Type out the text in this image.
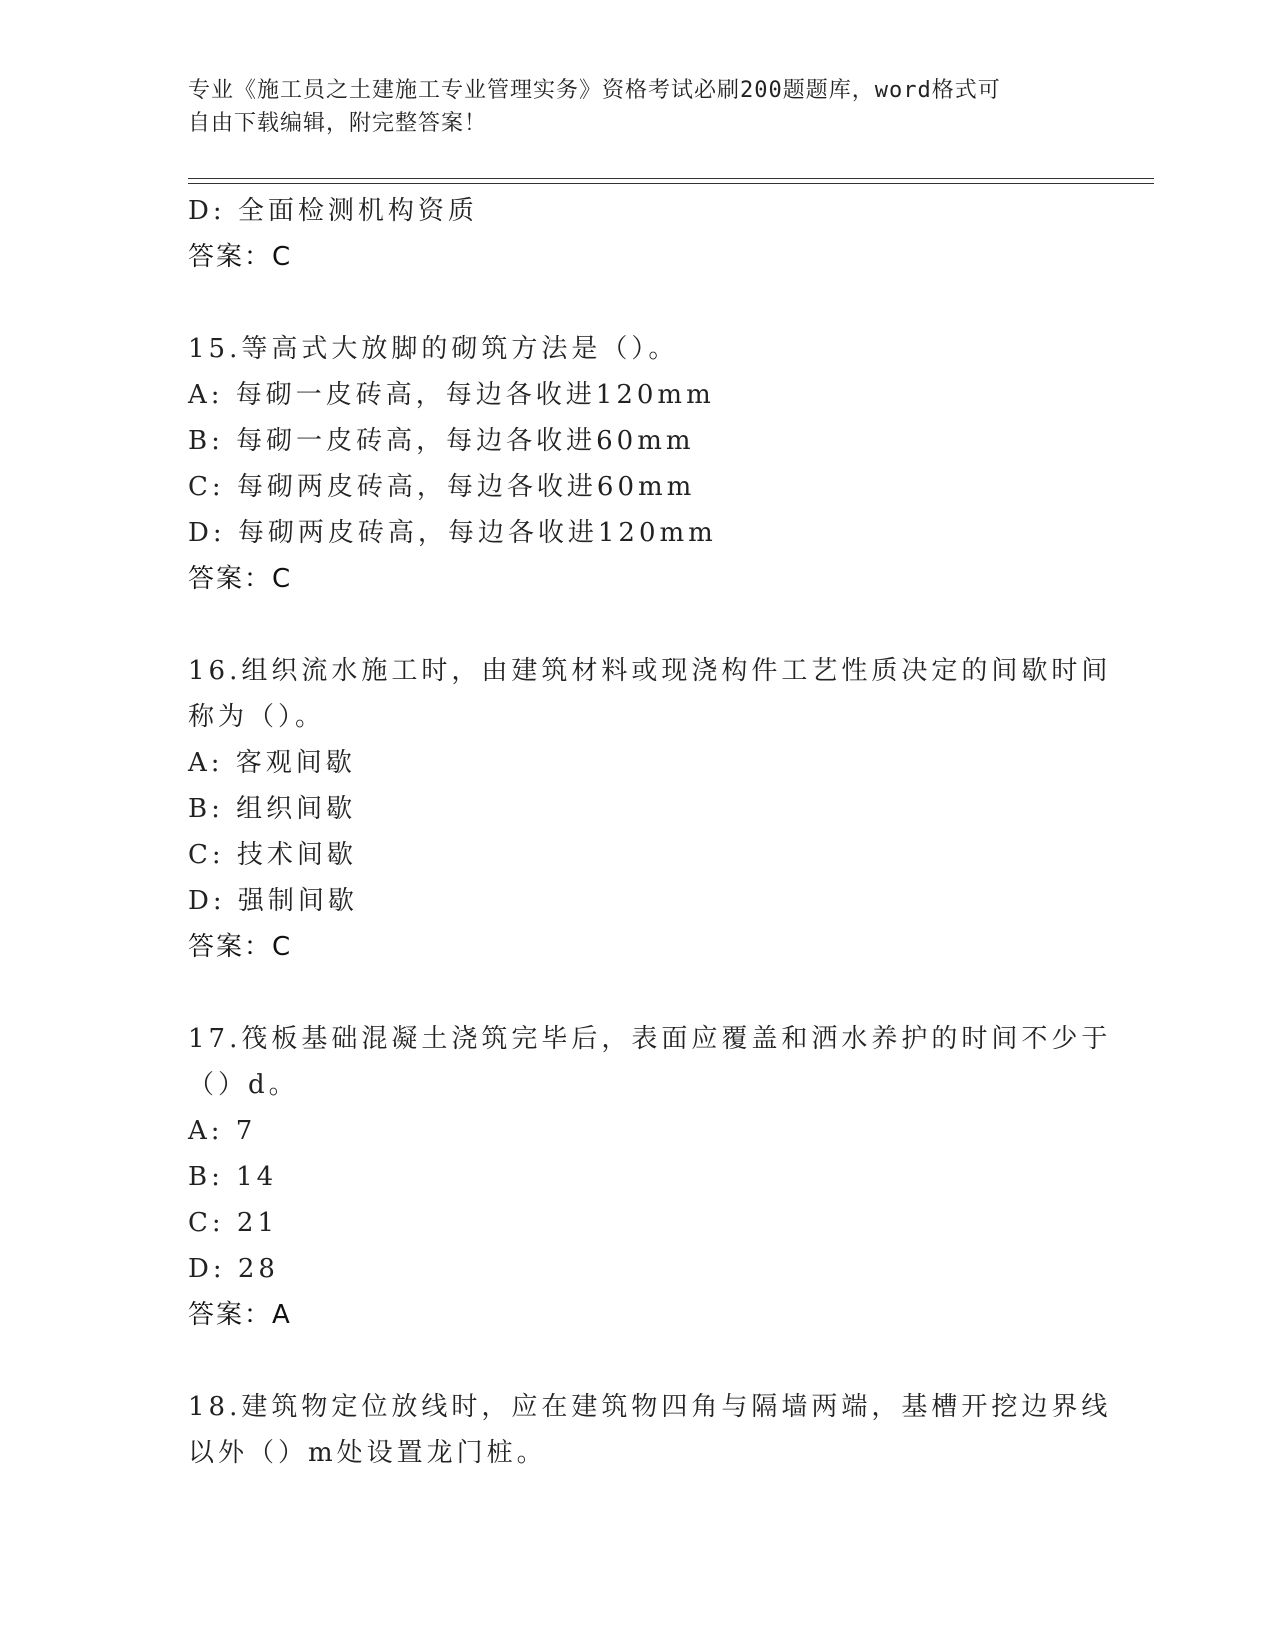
专业《施工员之土建施工专业管理实务》资格考试必刷200题题库，word格式可
自由下载编辑，附完整答案！
D: 全面检测机构资质
答案：C
15.等高式大放脚的砌筑方法是（）。
A: 每砌一皮砖高，每边各收进120mm
B: 每砌一皮砖高，每边各收进60mm
C: 每砌两皮砖高，每边各收进60mm
D: 每砌两皮砖高，每边各收进120mm
答案：C
16.组织流水施工时，由建筑材料或现浇构件工艺性质决定的间歇时间
称为（）。
A: 客观间歇
B: 组织间歇
C: 技术间歇
D: 强制间歇
答案：C
17.筏板基础混凝土浇筑完毕后，表面应覆盖和洒水养护的时间不少于
（）d。
A: 7
B: 14
C: 21
D: 28
答案：A
18.建筑物定位放线时，应在建筑物四角与隔墙两端，基槽开挖边界线
以外（）m处设置龙门桩。
